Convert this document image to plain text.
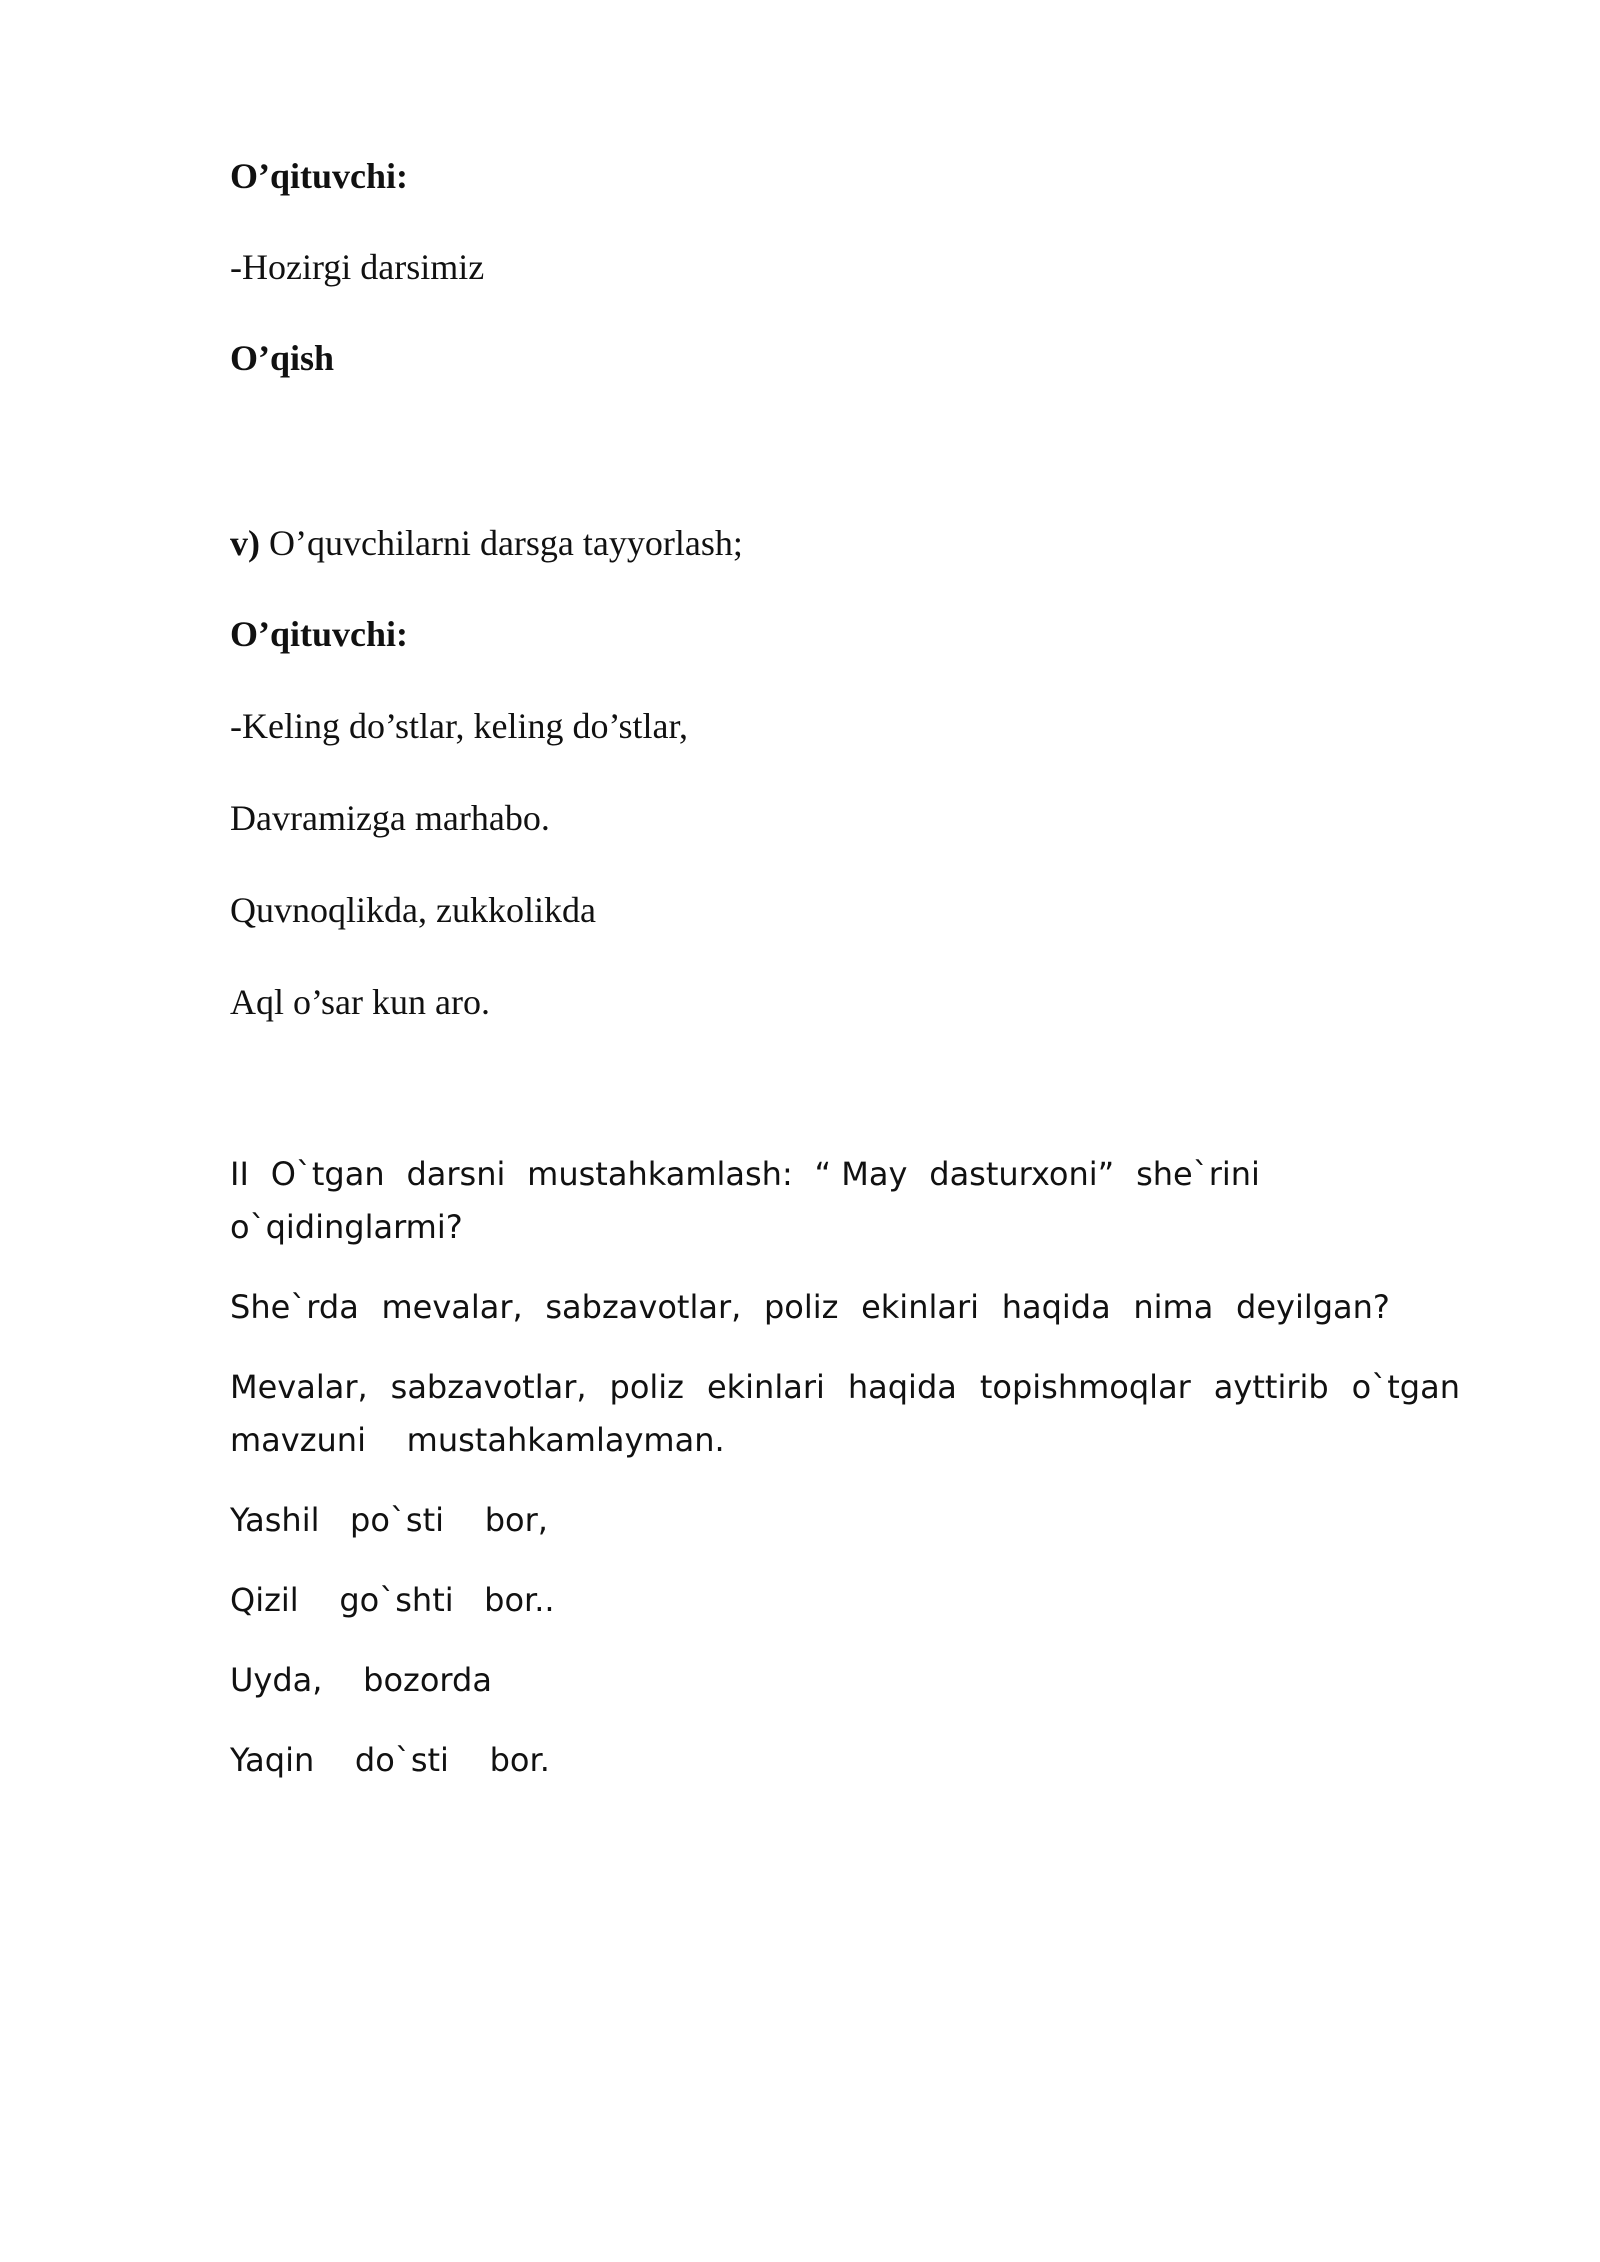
O’qituvchi:
-Hozirgi darsimiz
O’qish
v) O’quvchilarni darsga tayyorlash;
O’qituvchi:
-Keling do’stlar, keling do’stlar,
Davramizga marhabo.
Quvnoqlikda, zukkolikda
Aql o’sar kun aro.
II O`tgan darsni mustahkamlash: “ May dasturxoni” she`rini
o`qidinglarmi?
She`rda mevalar, sabzavotlar, poliz ekinlari haqida nima deyilgan?
Mevalar, sabzavotlar, poliz ekinlari haqida topishmoqlar ayttirib o`tgan
mavzuni    mustahkamlayman.
Yashil   po`sti    bor,
Qizil    go`shti   bor..
Uyda,    bozorda
Yaqin    do`sti    bor.
